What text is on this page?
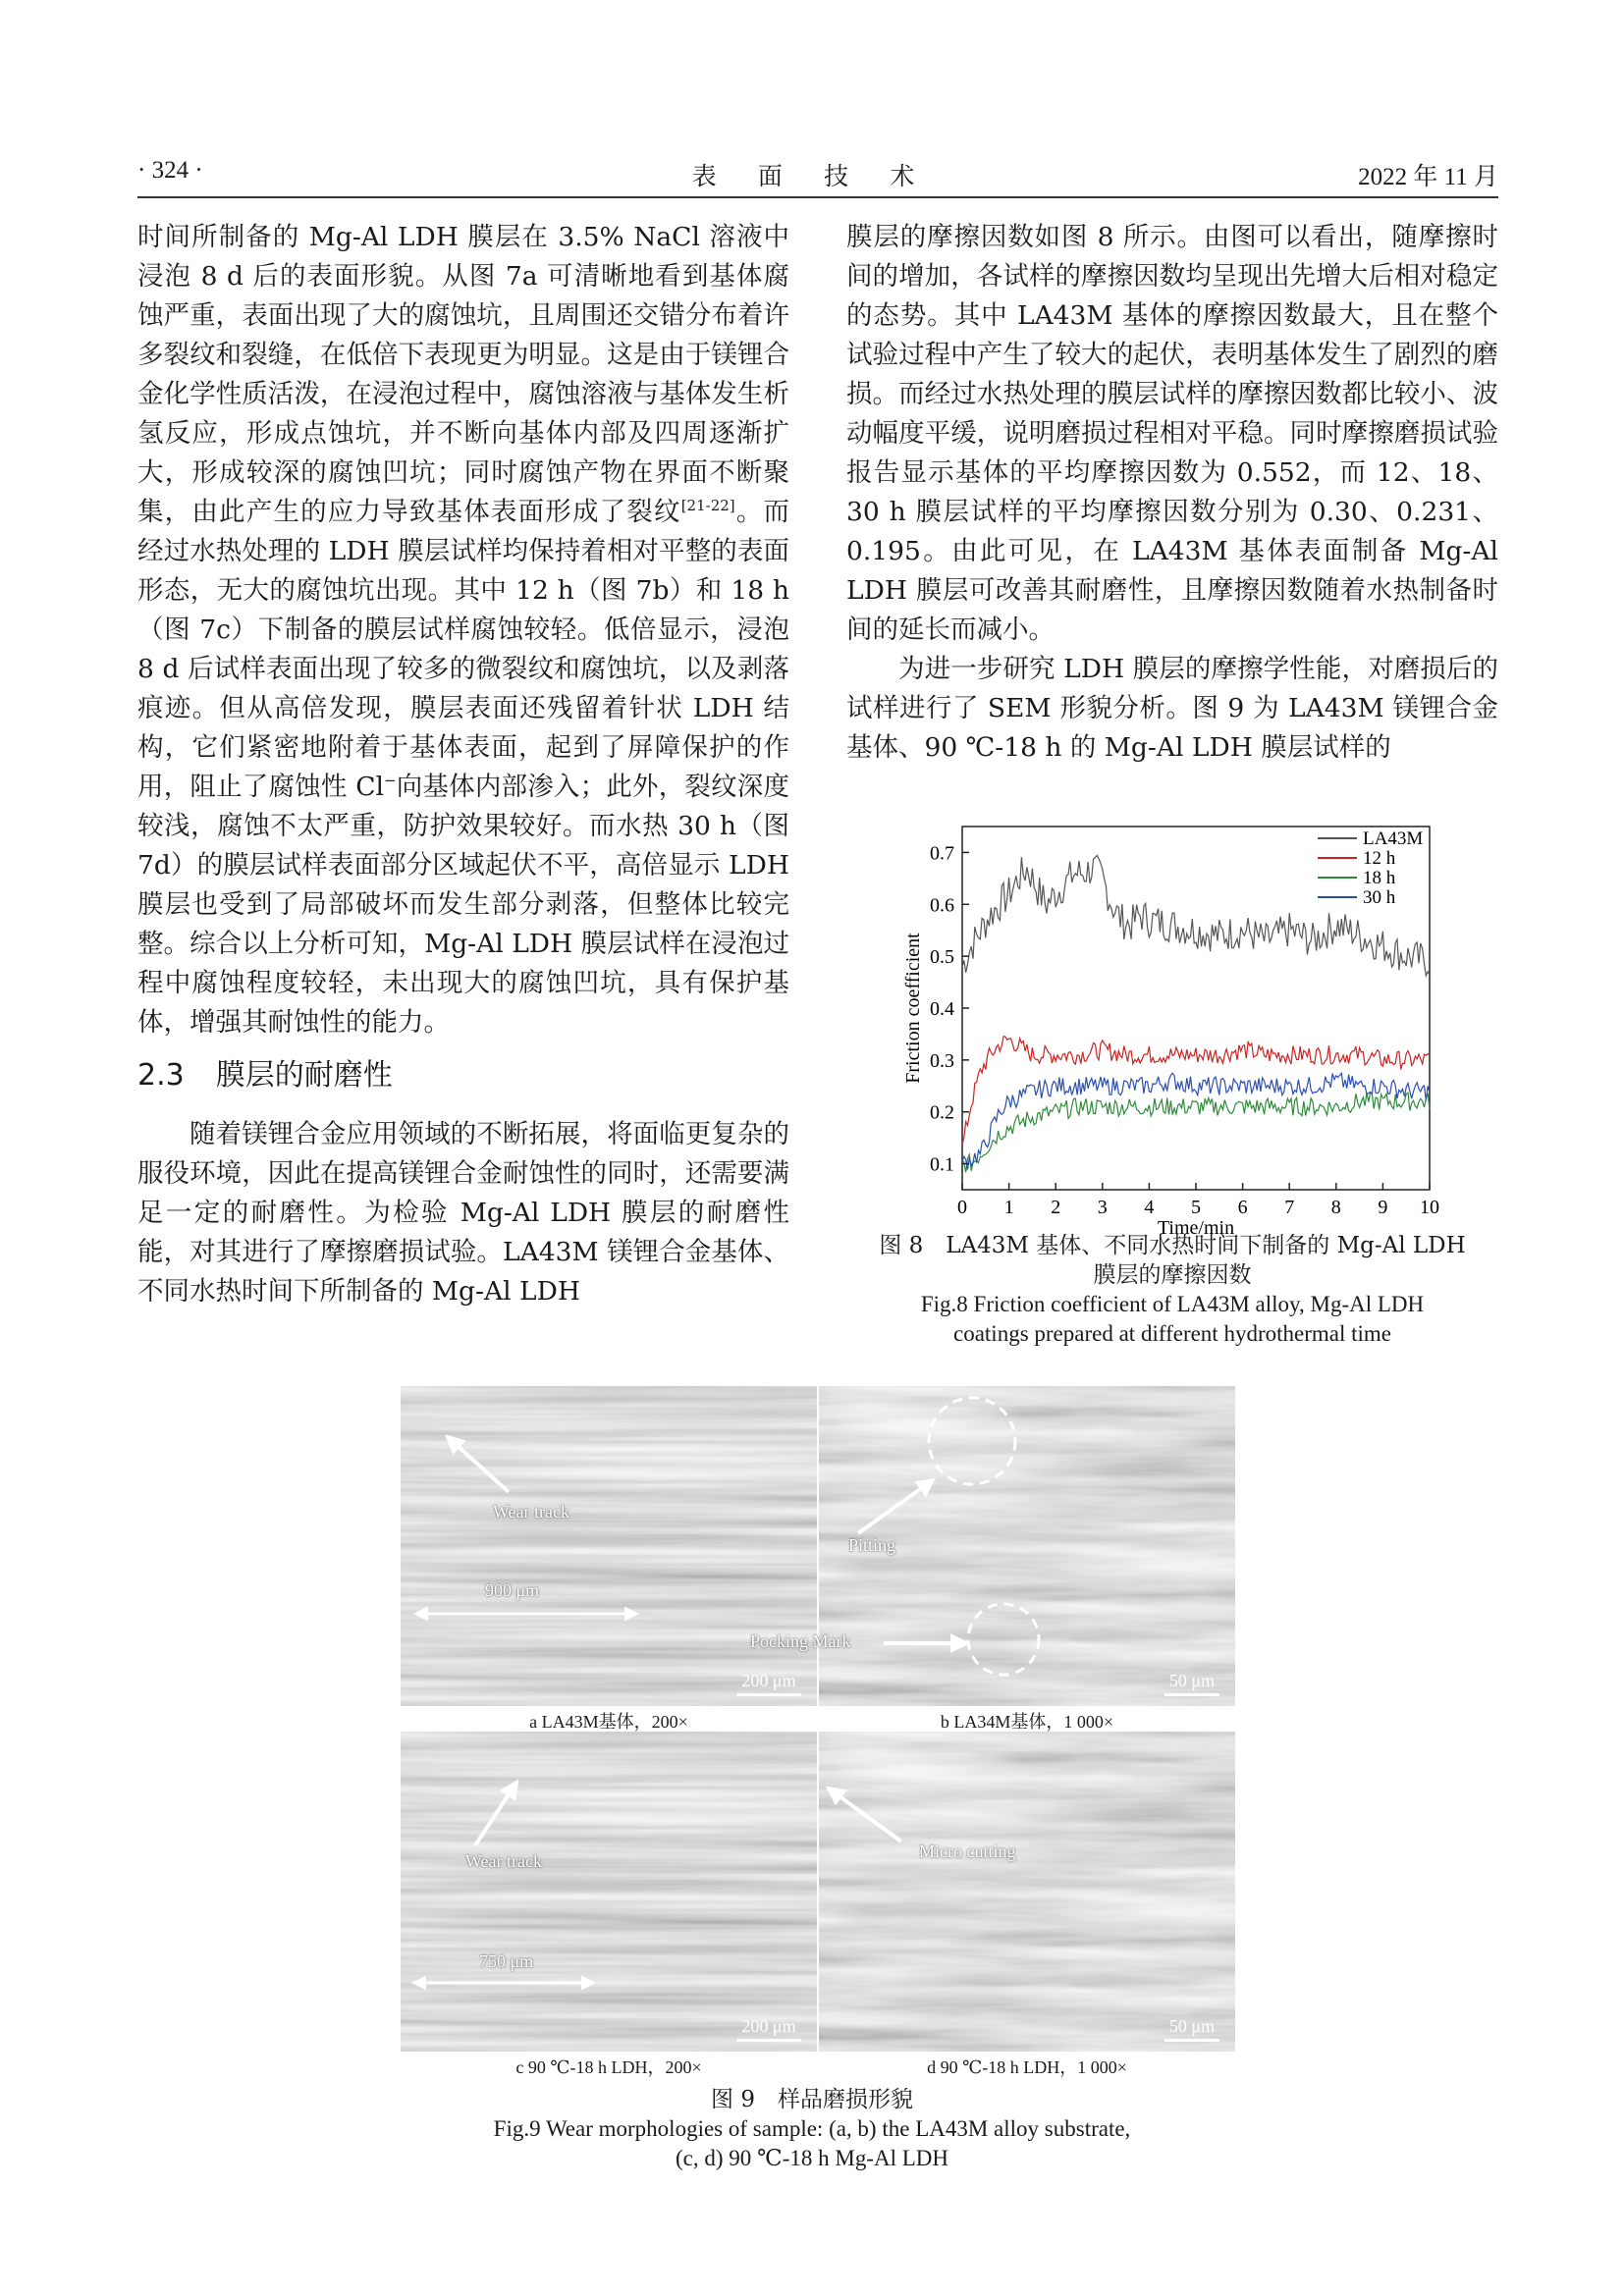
· 324 ·	表 面 技 术	2022 年 11 月

时间所制备的 Mg-Al LDH 膜层在 3.5% NaCl 溶液中浸泡 8 d 后的表面形貌。从图 7a 可清晰地看到基体腐蚀严重，表面出现了大的腐蚀坑，且周围还交错分布着许多裂纹和裂缝，在低倍下表现更为明显。这是由于镁锂合金化学性质活泼，在浸泡过程中，腐蚀溶液与基体发生析氢反应，形成点蚀坑，并不断向基体内部及四周逐渐扩大，形成较深的腐蚀凹坑；同时腐蚀产物在界面不断聚集，由此产生的应力导致基体表面形成了裂纹[21-22]。而经过水热处理的 LDH 膜层试样均保持着相对平整的表面形态，无大的腐蚀坑出现。其中 12 h（图 7b）和 18 h（图 7c）下制备的膜层试样腐蚀较轻。低倍显示，浸泡 8 d 后试样表面出现了较多的微裂纹和腐蚀坑，以及剥落痕迹。但从高倍发现，膜层表面还残留着针状 LDH 结构，它们紧密地附着于基体表面，起到了屏障保护的作用，阻止了腐蚀性 Cl−向基体内部渗入；此外，裂纹深度较浅，腐蚀不太严重，防护效果较好。而水热 30 h（图 7d）的膜层试样表面部分区域起伏不平，高倍显示 LDH 膜层也受到了局部破坏而发生部分剥落，但整体比较完整。综合以上分析可知，Mg-Al LDH 膜层试样在浸泡过程中腐蚀程度较轻，未出现大的腐蚀凹坑，具有保护基体，增强其耐蚀性的能力。

2.3 膜层的耐磨性

随着镁锂合金应用领域的不断拓展，将面临更复杂的服役环境，因此在提高镁锂合金耐蚀性的同时，还需要满足一定的耐磨性。为检验 Mg-Al LDH 膜层的耐磨性能，对其进行了摩擦磨损试验。LA43M 镁锂合金基体、不同水热时间下所制备的 Mg-Al LDH

膜层的摩擦因数如图 8 所示。由图可以看出，随摩擦时间的增加，各试样的摩擦因数均呈现出先增大后相对稳定的态势。其中 LA43M 基体的摩擦因数最大，且在整个试验过程中产生了较大的起伏，表明基体发生了剧烈的磨损。而经过水热处理的膜层试样的摩擦因数都比较小、波动幅度平缓，说明磨损过程相对平稳。同时摩擦磨损试验报告显示基体的平均摩擦因数为 0.552，而 12、18、30 h 膜层试样的平均摩擦因数分别为 0.30、0.231、0.195。由此可见，在 LA43M 基体表面制备 Mg-Al LDH 膜层可改善其耐磨性，且摩擦因数随着水热制备时间的延长而减小。

为进一步研究 LDH 膜层的摩擦学性能，对磨损后的试样进行了 SEM 形貌分析。图 9 为 LA43M 镁锂合金基体、90 ℃-18 h 的 Mg-Al LDH 膜层试样的

0 1 2 3 4 5 6 7 8 9 10
0.1
0.2
0.3
0.4
0.5
0.6
0.7
Friction coefficient
Time/min
LA43M
12 h
18 h
30 h
图 8　LA43M 基体、不同水热时间下制备的 Mg-Al LDH
膜层的摩擦因数
Fig.8 Friction coefficient of LA43M alloy, Mg-Al LDH
coatings prepared at different hydrothermal time
Wear track
900 μm
200 μm
Pitting
Pocking Mark
50 μm
a LA43M基体，200×	b LA34M基体，1 000×
Wear track
750 μm
200 μm
Micro cutting
50 μm
c 90 ℃-18 h LDH，200×	d 90 ℃-18 h LDH，1 000×
图 9　样品磨损形貌
Fig.9 Wear morphologies of sample: (a, b) the LA43M alloy substrate,
(c, d) 90 ℃-18 h Mg-Al LDH
